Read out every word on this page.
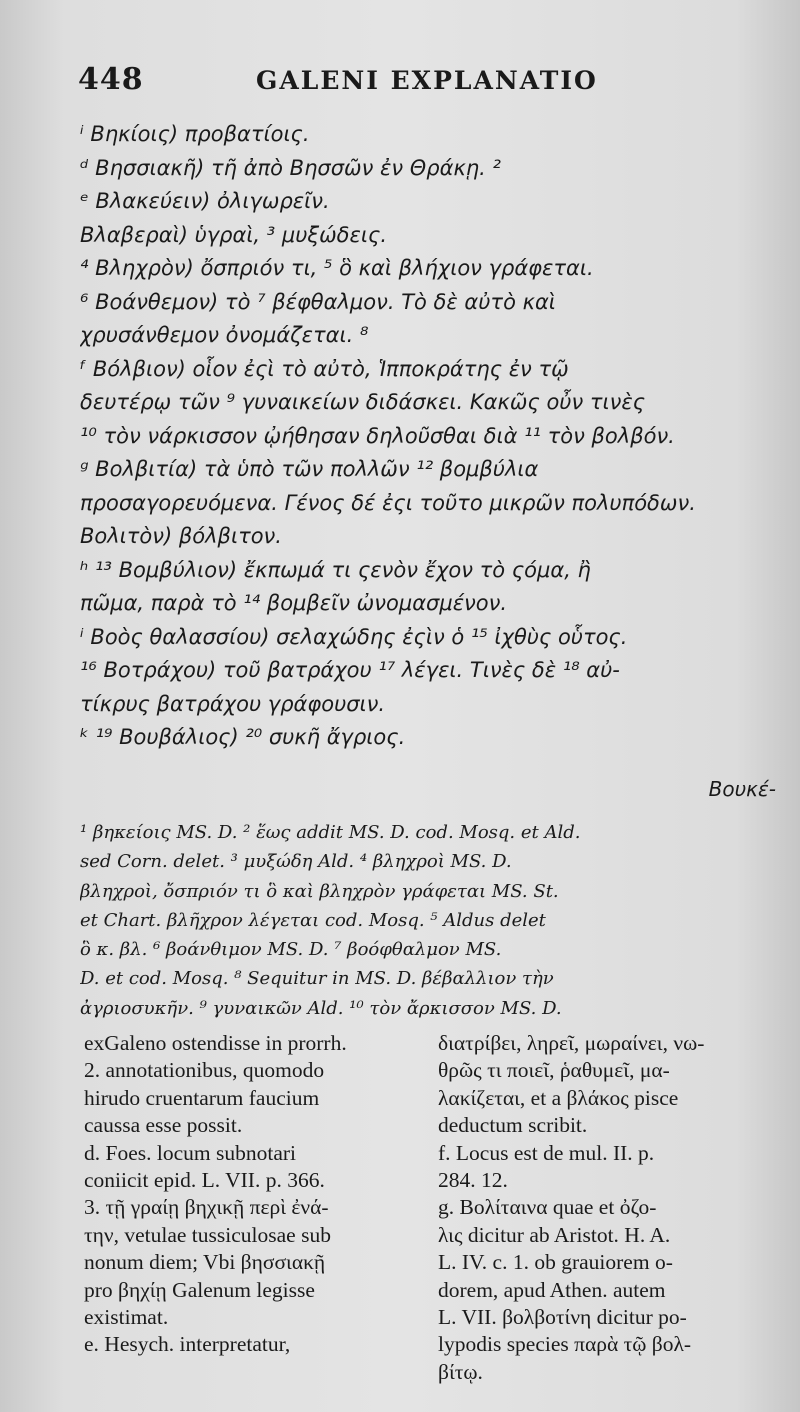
448	GALENI EXPLANATIO
ⁱ Βηκίοις) προβατίοις.
ᵈ Βησσιακῆ) τῆ ἀπὸ Βησσῶν ἐν Θράκῃ. ²
ᵉ Βλακεύειν) ὀλιγωρεῖν.
Βλαβεραὶ) ὑγραὶ, ³ μυξώδεις.
⁴ Βληχρὸν) ὄσπριόν τι, ⁵ ὃ καὶ βλήχιον γράφεται.
⁶ Βοάνθεμον) τὸ ⁷ βέφθαλμον. Τὸ δὲ αὐτὸ καὶ
χρυσάνθεμον ὀνομάζεται. ⁸
ᶠ Βόλβιον) οἷον ἐςὶ τὸ αὐτὸ, Ἱπποκράτης ἐν τῷ
δευτέρῳ τῶν ⁹ γυναικείων διδάσκει. Κακῶς οὖν τινὲς
¹⁰ τὸν νάρκισσον ᾠήθησαν δηλοῦσθαι διὰ ¹¹ τὸν βολβόν.
ᵍ Βολβιτία) τὰ ὑπὸ τῶν πολλῶν ¹² βομβύλια
προσαγορευόμενα. Γένος δέ ἐςι τοῦτο μικρῶν πολυπόδων.
Βολιτὸν) βόλβιτον.
ʰ ¹³ Βομβύλιον) ἔκπωμά τι ςενὸν ἔχον τὸ ςόμα, ἢ
πῶμα, παρὰ τὸ ¹⁴ βομβεῖν ὠνομασμένον.
ⁱ Βοὸς θαλασσίου) σελαχώδης ἐςὶν ὁ ¹⁵ ἰχθὺς οὗτος.
¹⁶ Βοτράχου) τοῦ βατράχου ¹⁷ λέγει. Τινὲς δὲ ¹⁸ αὐ-
τίκρυς βατράχου γράφουσιν.
ᵏ ¹⁹ Βουβάλιος) ²⁰ συκῆ ἄγριος.
Βουκέ-
¹ βηκείοις MS. D. ² ἕως addit MS. D. cod. Mosq. et Ald.
sed Corn. delet. ³ μυξώδη Ald. ⁴ βληχροὶ MS. D.
βληχροὶ, ὄσπριόν τι ὃ καὶ βληχρὸν γράφεται MS. St.
et Chart. βλῆχρον λέγεται cod. Mosq. ⁵ Aldus delet
ὃ κ. βλ. ⁶ βοάνθιμον MS. D. ⁷ βοόφθαλμον MS.
D. et cod. Mosq. ⁸ Sequitur in MS. D. βέβαλλιον τὴν
ἀγριοσυκῆν. ⁹ γυναικῶν Ald. ¹⁰ τὸν ἄρκισσον MS. D.
exGaleno ostendisse in prorrh.
2. annotationibus, quomodo
hirudo cruentarum faucium
caussa esse possit.
d. Foes. locum subnotari
coniicit epid. L. VII. p. 366.
3. τῇ γραίῃ βηχικῇ περὶ ἐνά-
την, vetulae tussiculosae sub
nonum diem; Vbi βησσιακῇ
pro βηχίῃ Galenum legisse
existimat.
e. Hesych. interpretatur,
διατρίβει, ληρεῖ, μωραίνει, νω-
θρῶς τι ποιεῖ, ῥαθυμεῖ, μα-
λακίζεται, et a βλάκος pisce
deductum scribit.
f. Locus est de mul. II. p.
284. 12.
g. Βολίταινα quae et ὀζο-
λις dicitur ab Aristot. H. A.
L. IV. c. 1. ob grauiorem o-
dorem, apud Athen. autem
L. VII. βολβοτίνη dicitur po-
lypodis species παρὰ τῷ βολ-
βίτῳ.
